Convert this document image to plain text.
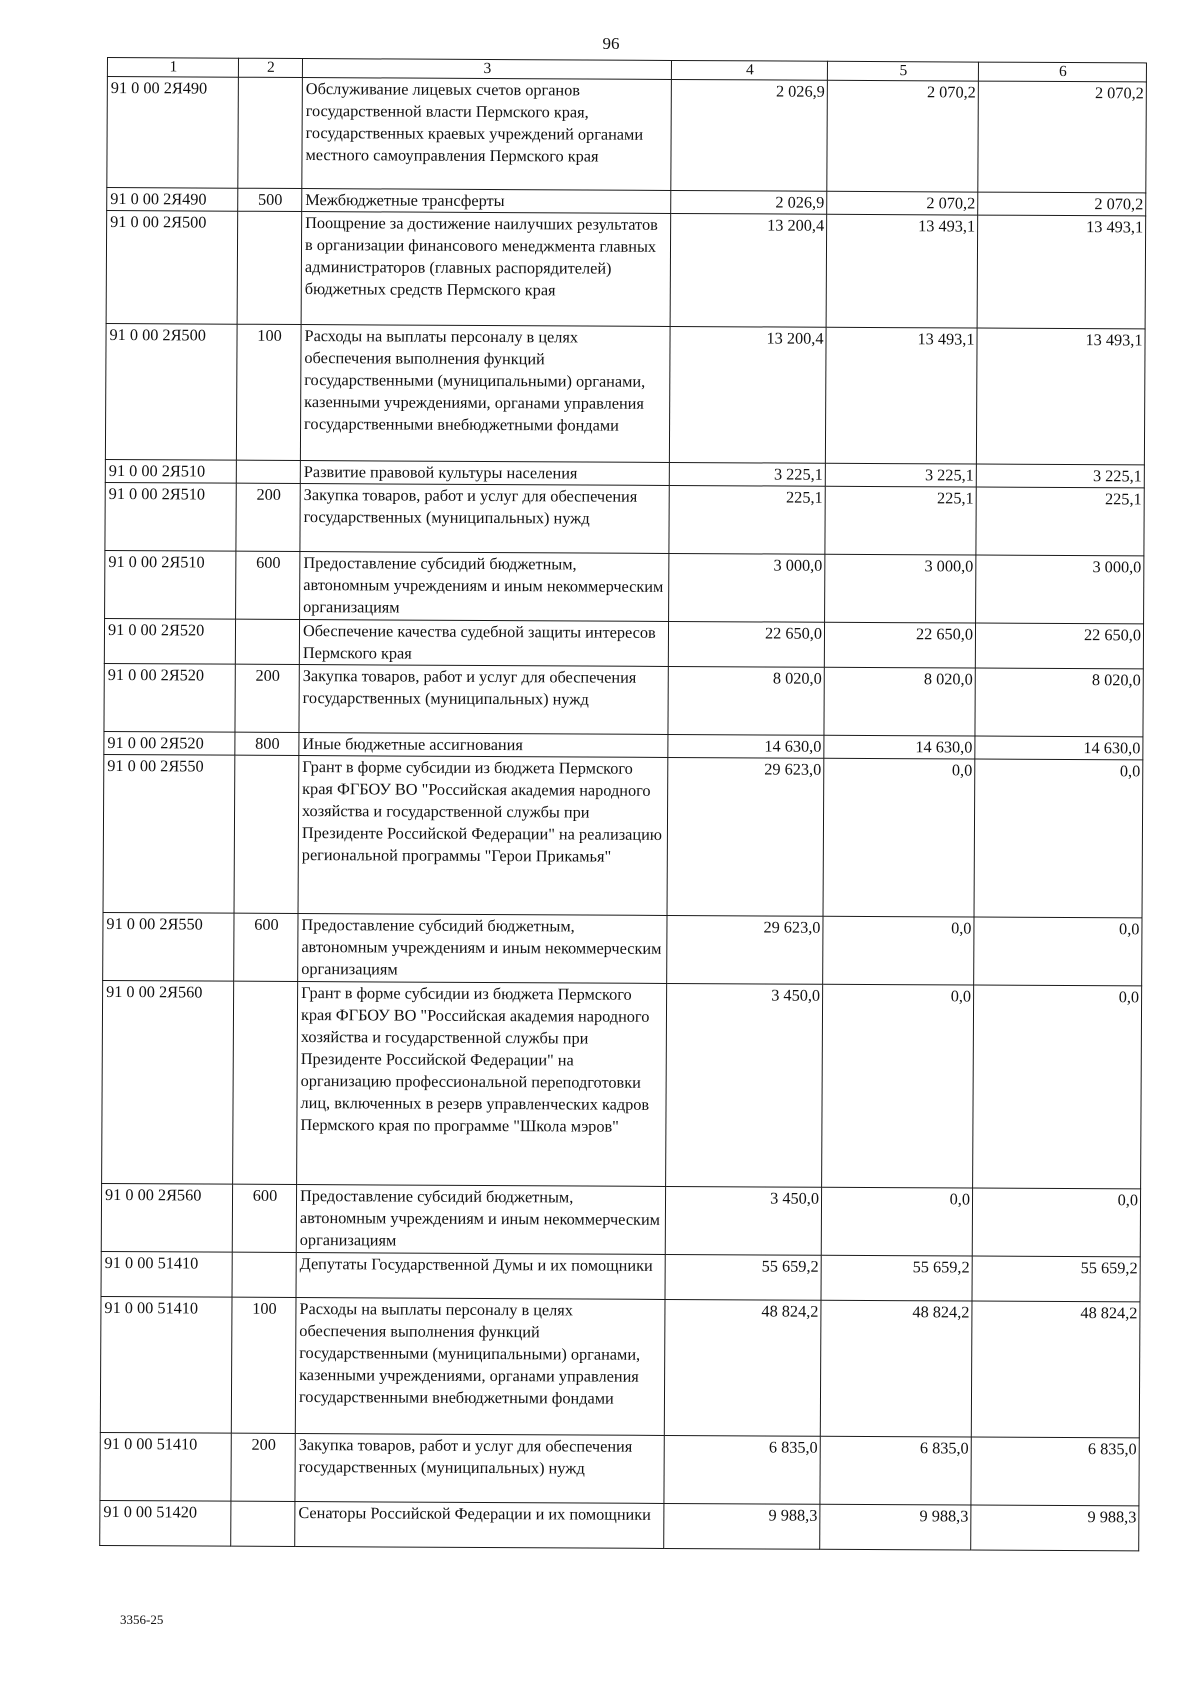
96
1	2	3	4	5	6
91 0 00 2Я490		Обслуживание лицевых счетов органов государственной власти Пермского края, государственных краевых учреждений органами местного самоуправления Пермского края	2 026,9	2 070,2	2 070,2
91 0 00 2Я490	500	Межбюджетные трансферты	2 026,9	2 070,2	2 070,2
91 0 00 2Я500		Поощрение за достижение наилучших результатов в организации финансового менеджмента главных администраторов (главных распорядителей) бюджетных средств Пермского края	13 200,4	13 493,1	13 493,1
91 0 00 2Я500	100	Расходы на выплаты персоналу в целях обеспечения выполнения функций государственными (муниципальными) органами, казенными учреждениями, органами управления государственными внебюджетными фондами	13 200,4	13 493,1	13 493,1
91 0 00 2Я510		Развитие правовой культуры населения	3 225,1	3 225,1	3 225,1
91 0 00 2Я510	200	Закупка товаров, работ и услуг для обеспечения государственных (муниципальных) нужд	225,1	225,1	225,1
91 0 00 2Я510	600	Предоставление субсидий бюджетным, автономным учреждениям и иным некоммерческим организациям	3 000,0	3 000,0	3 000,0
91 0 00 2Я520		Обеспечение качества судебной защиты интересов Пермского края	22 650,0	22 650,0	22 650,0
91 0 00 2Я520	200	Закупка товаров, работ и услуг для обеспечения государственных (муниципальных) нужд	8 020,0	8 020,0	8 020,0
91 0 00 2Я520	800	Иные бюджетные ассигнования	14 630,0	14 630,0	14 630,0
91 0 00 2Я550		Грант в форме субсидии из бюджета Пермского края ФГБОУ ВО "Российская академия народного хозяйства и государственной службы при Президенте Российской Федерации" на реализацию региональной программы "Герои Прикамья"	29 623,0	0,0	0,0
91 0 00 2Я550	600	Предоставление субсидий бюджетным, автономным учреждениям и иным некоммерческим организациям	29 623,0	0,0	0,0
91 0 00 2Я560		Грант в форме субсидии из бюджета Пермского края ФГБОУ ВО "Российская академия народного хозяйства и государственной службы при Президенте Российской Федерации" на организацию профессиональной переподготовки лиц, включенных в резерв управленческих кадров Пермского края по программе "Школа мэров"	3 450,0	0,0	0,0
91 0 00 2Я560	600	Предоставление субсидий бюджетным, автономным учреждениям и иным некоммерческим организациям	3 450,0	0,0	0,0
91 0 00 51410		Депутаты Государственной Думы и их помощники	55 659,2	55 659,2	55 659,2
91 0 00 51410	100	Расходы на выплаты персоналу в целях обеспечения выполнения функций государственными (муниципальными) органами, казенными учреждениями, органами управления государственными внебюджетными фондами	48 824,2	48 824,2	48 824,2
91 0 00 51410	200	Закупка товаров, работ и услуг для обеспечения государственных (муниципальных) нужд	6 835,0	6 835,0	6 835,0
91 0 00 51420		Сенаторы Российской Федерации и их помощники	9 988,3	9 988,3	9 988,3
3356-25
